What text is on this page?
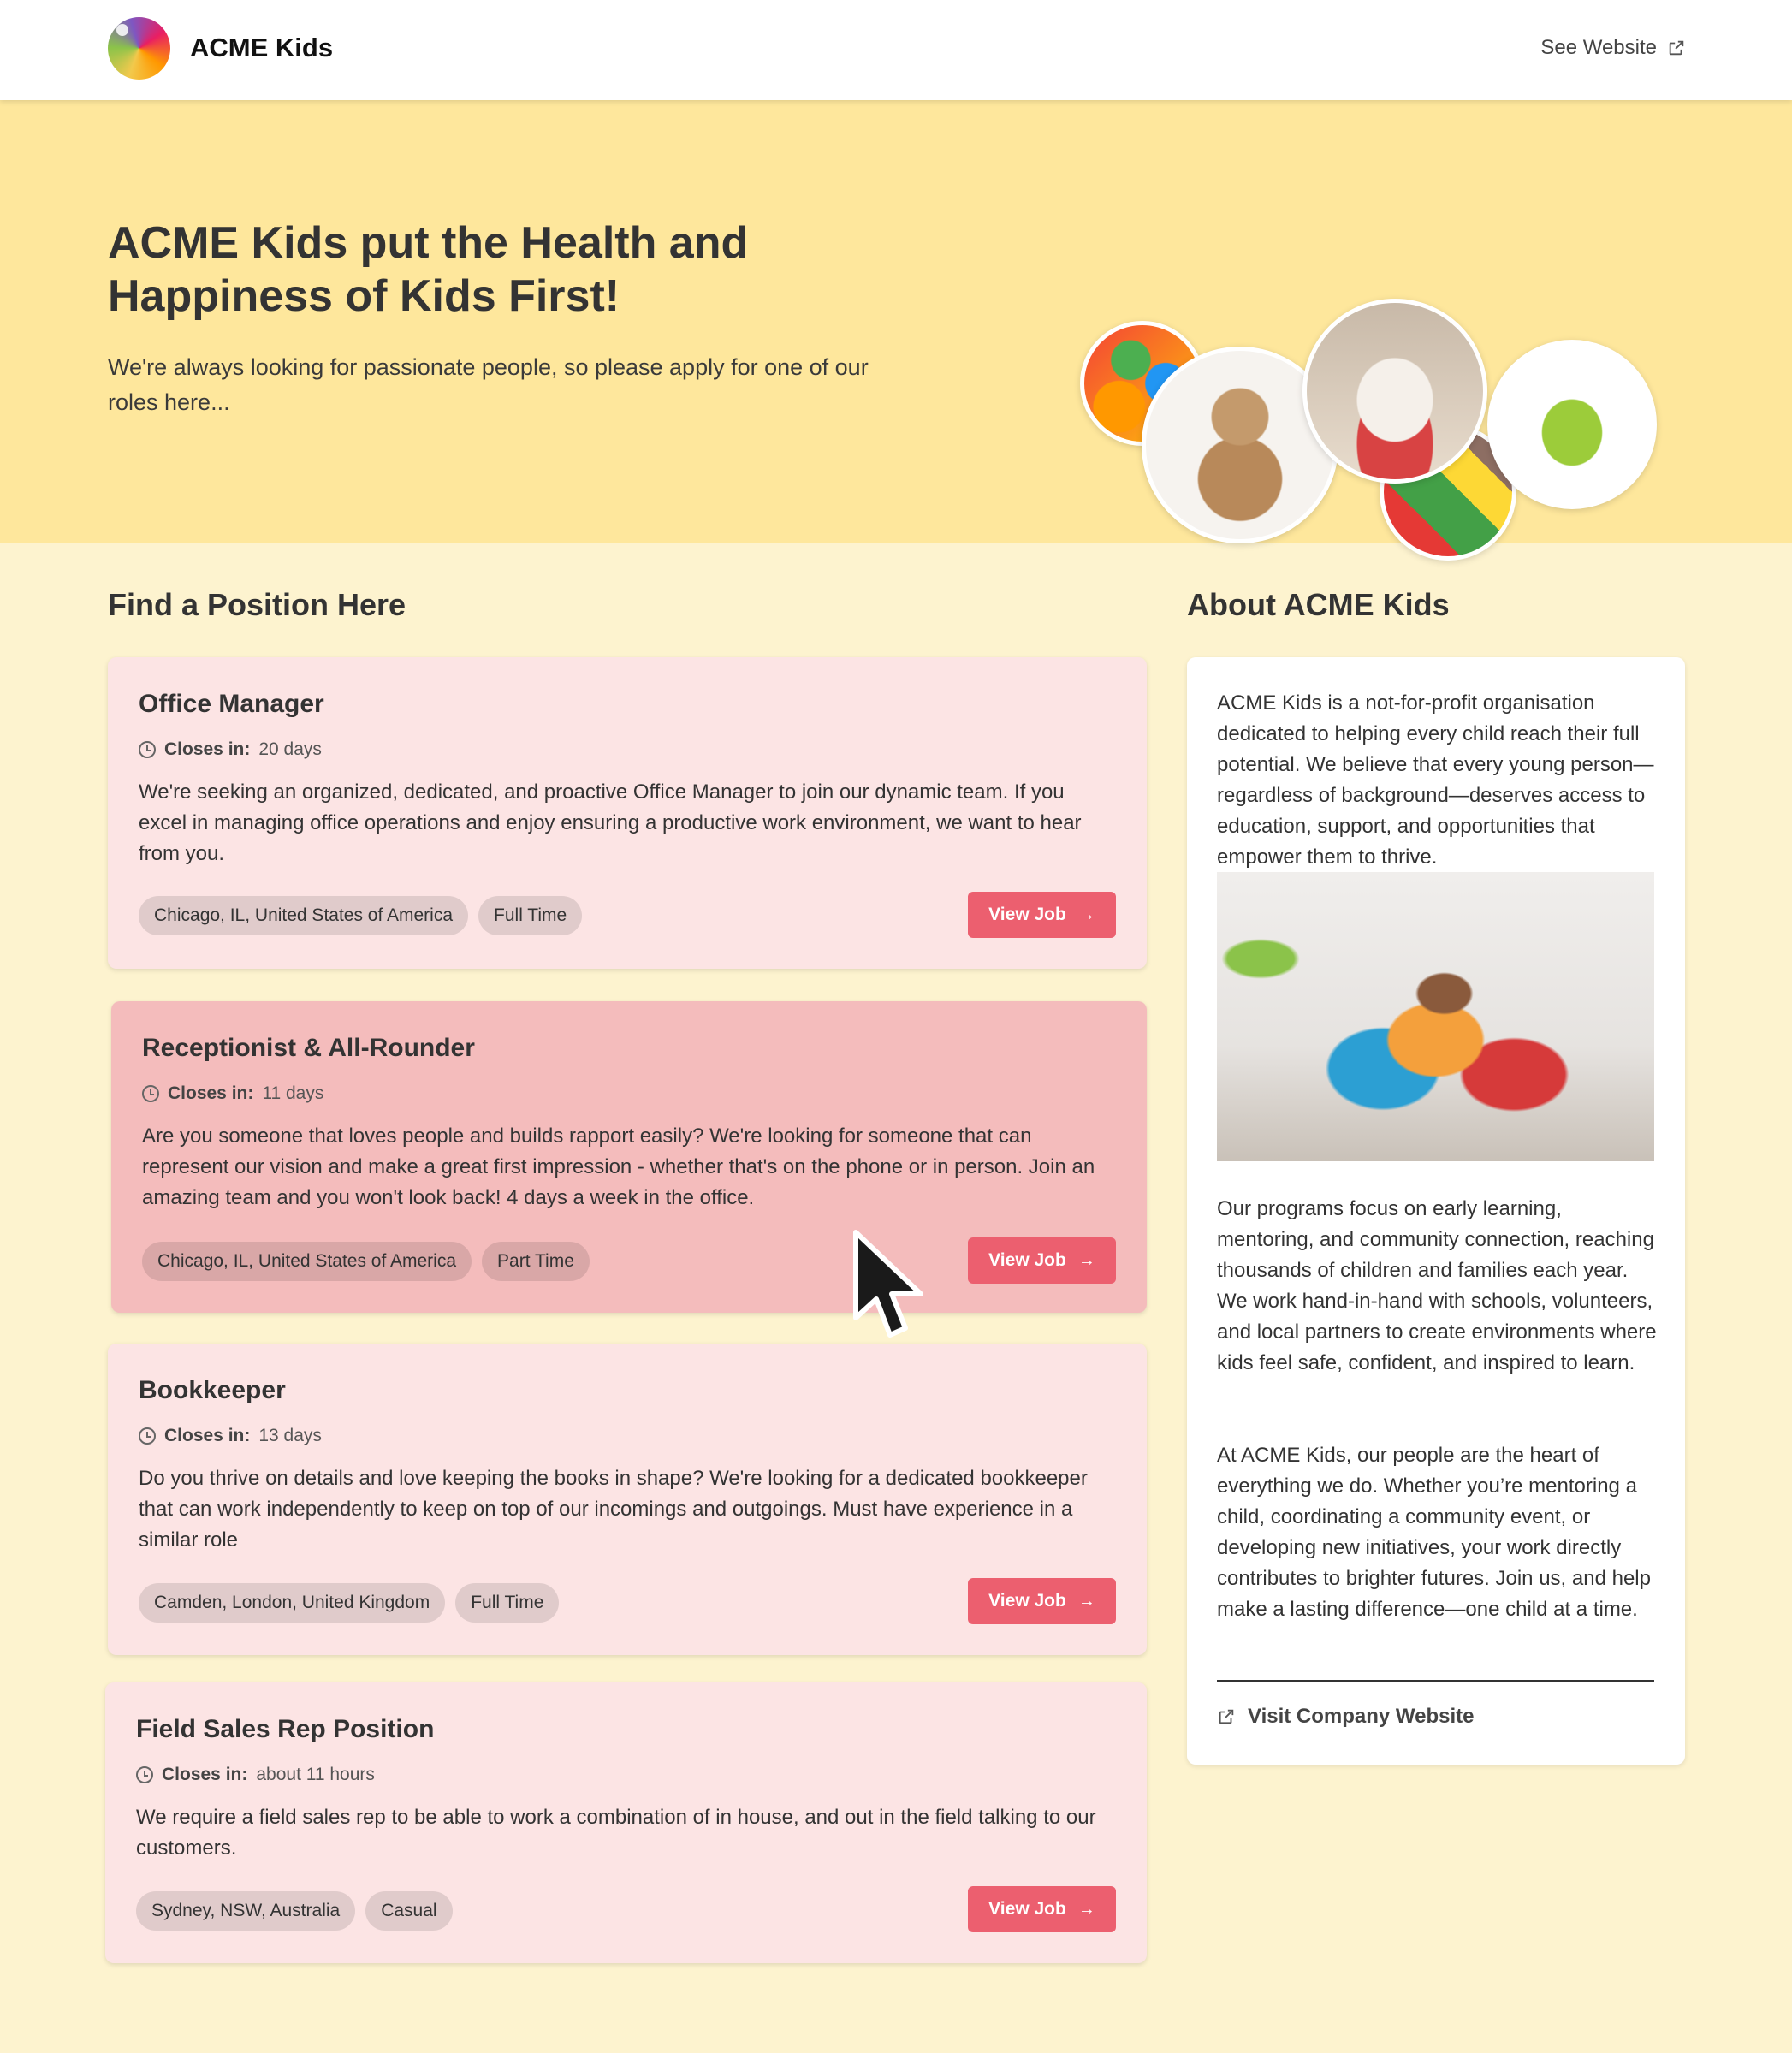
ACME Kids	See Website
ACME Kids put the Health and Happiness of Kids First!

We're always looking for passionate people, so please apply for one of our roles here...

Find a Position Here	About ACME Kids
Office Manager
Closes in: 20 days
We're seeking an organized, dedicated, and proactive Office Manager to join our dynamic team. If you excel in managing office operations and enjoy ensuring a productive work environment, we want to hear from you.
Chicago, IL, United States of America	Full Time	View Job →
Receptionist & All-Rounder
Closes in: 11 days
Are you someone that loves people and builds rapport easily? We're looking for someone that can represent our vision and make a great first impression - whether that's on the phone or in person. Join an amazing team and you won't look back! 4 days a week in the office.
Chicago, IL, United States of America	Part Time	View Job →
Bookkeeper
Closes in: 13 days
Do you thrive on details and love keeping the books in shape? We're looking for a dedicated bookkeeper that can work independently to keep on top of our incomings and outgoings. Must have experience in a similar role
Camden, London, United Kingdom	Full Time	View Job →
Field Sales Rep Position
Closes in: about 11 hours
We require a field sales rep to be able to work a combination of in house, and out in the field talking to our customers.
Sydney, NSW, Australia	Casual	View Job →

ACME Kids is a not-for-profit organisation dedicated to helping every child reach their full potential. We believe that every young person—regardless of background—deserves access to education, support, and opportunities that empower them to thrive.

Our programs focus on early learning, mentoring, and community connection, reaching thousands of children and families each year. We work hand-in-hand with schools, volunteers, and local partners to create environments where kids feel safe, confident, and inspired to learn.

At ACME Kids, our people are the heart of everything we do. Whether you’re mentoring a child, coordinating a community event, or developing new initiatives, your work directly contributes to brighter futures. Join us, and help make a lasting difference—one child at a time.

Visit Company Website
